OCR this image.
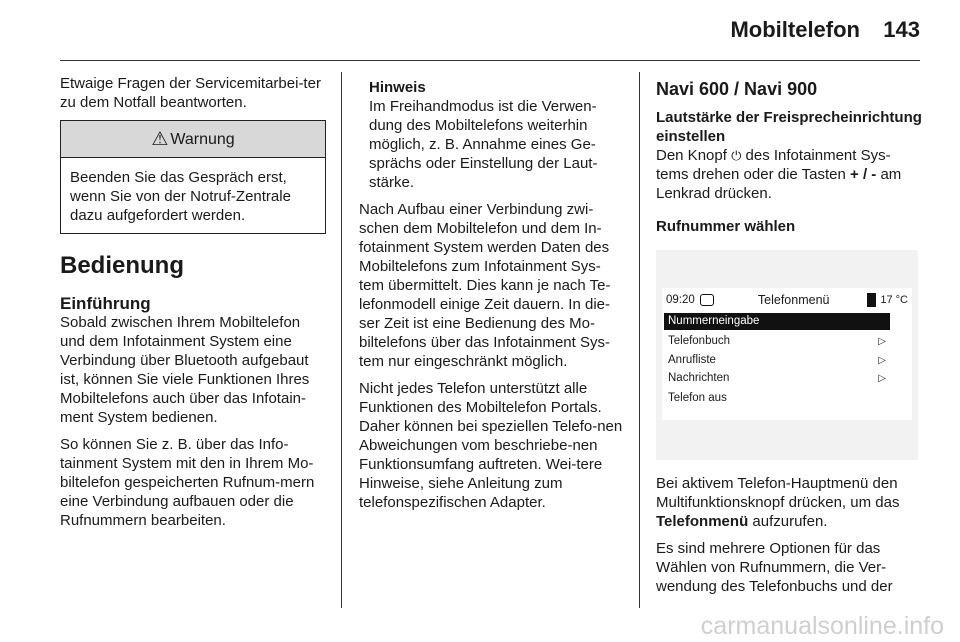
Mobiltelefon	143

Etwaige Fragen der Servicemitarbei-ter zu dem Notfall beantworten.

⚠ Warnung
Beenden Sie das Gespräch erst, wenn Sie von der Notruf-Zentrale dazu aufgefordert werden.
Bedienung
Einführung

Sobald zwischen Ihrem Mobiltelefon und dem Infotainment System eine Verbindung über Bluetooth aufgebaut ist, können Sie viele Funktionen Ihres Mobiltelefons auch über das Infotain-ment System bedienen.

So können Sie z. B. über das Info-tainment System mit den in Ihrem Mo-biltelefon gespeicherten Rufnum-mern eine Verbindung aufbauen oder die Rufnummern bearbeiten.

Hinweis
Im Freihandmodus ist die Verwen-dung des Mobiltelefons weiterhin möglich, z. B. Annahme eines Ge-sprächs oder Einstellung der Laut-stärke.

Nach Aufbau einer Verbindung zwi-schen dem Mobiltelefon und dem In-fotainment System werden Daten des Mobiltelefons zum Infotainment Sys-tem übermittelt. Dies kann je nach Te-lefonmodell einige Zeit dauern. In die-ser Zeit ist eine Bedienung des Mo-biltelefons über das Infotainment Sys-tem nur eingeschränkt möglich.

Nicht jedes Telefon unterstützt alle Funktionen des Mobiltelefon Portals. Daher können bei speziellen Telefo-nen Abweichungen vom beschriebe-nen Funktionsumfang auftreten. Wei-tere Hinweise, siehe Anleitung zum telefonspezifischen Adapter.

Navi 600 / Navi 900
Lautstärke der Freisprecheinrichtung einstellen

Den Knopf ⏻ des Infotainment Sys-tems drehen oder die Tasten + / - am Lenkrad drücken.

Rufnummer wählen
09:20	Telefonmenü	17 °C
Nummerneingabe
Telefonbuch	▷
Anrufliste	▷
Nachrichten	▷
Telefon aus

Bei aktivem Telefon-Hauptmenü den Multifunktionsknopf drücken, um das Telefonmenü aufzurufen.

Es sind mehrere Optionen für das Wählen von Rufnummern, die Ver-wendung des Telefonbuchs und der

carmanualsonline.info
